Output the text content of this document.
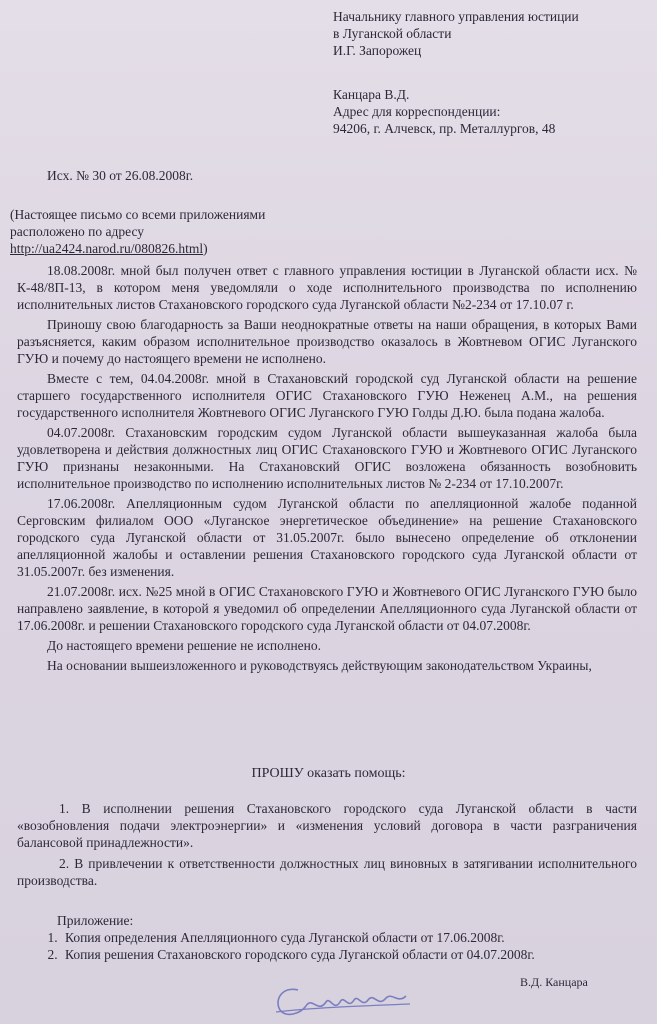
Начальнику главного управления юстиции
в Луганской области
И.Г. Запорожец
Канцара В.Д.
Адрес для корреспонденции:
94206, г. Алчевск, пр. Металлургов, 48
Исх. № 30 от 26.08.2008г.
(Настоящее письмо со всеми приложениями расположено по адресу http://ua2424.narod.ru/080826.html)

18.08.2008г. мной был получен ответ с главного управления юстиции в Луганской области исх. № К-48/8П-13, в котором меня уведомляли о ходе исполнительного производства по исполнению исполнительных листов Стахановского городского суда Луганской области №2-234 от 17.10.07 г.

Приношу свою благодарность за Ваши неоднократные ответы на наши обращения, в которых Вами разъясняется, каким образом исполнительное производство оказалось в Жовтневом ОГИС Луганского ГУЮ и почему до настоящего времени не исполнено.

Вместе с тем, 04.04.2008г. мной в Стахановский городской суд Луганской области на решение старшего государственного исполнителя ОГИС Стахановского ГУЮ Неженец А.М., на решения государственного исполнителя Жовтневого ОГИС Луганского ГУЮ Голды Д.Ю. была подана жалоба.

04.07.2008г. Стахановским городским судом Луганской области вышеуказанная жалоба была удовлетворена и действия должностных лиц ОГИС Стахановского ГУЮ и Жовтневого ОГИС Луганского ГУЮ признаны незаконными. На Стахановский ОГИС возложена обязанность возобновить исполнительное производство по исполнению исполнительных листов № 2-234 от 17.10.2007г.

17.06.2008г. Апелляционным судом Луганской области по апелляционной жалобе поданной Серговским филиалом ООО «Луганское энергетическое объединение» на решение Стахановского городского суда Луганской области от 31.05.2007г. было вынесено определение об отклонении апелляционной жалобы и оставлении решения Стахановского городского суда Луганской области от 31.05.2007г. без изменения.

21.07.2008г. исх. №25 мной в ОГИС Стахановского ГУЮ и Жовтневого ОГИС Луганского ГУЮ было направлено заявление, в которой я уведомил об определении Апелляционного суда Луганской области от 17.06.2008г. и решении Стахановского городского суда Луганской области от 04.07.2008г.

До настоящего времени решение не исполнено.

На основании вышеизложенного и руководствуясь действующим законодательством Украины,

ПРОШУ оказать помощь:

1. В исполнении решения Стахановского городского суда Луганской области в части «возобновления подачи электроэнергии» и «изменения условий договора в части разграничения балансовой принадлежности».

2. В привлечении к ответственности должностных лиц виновных в затягивании исполнительного производства.

Приложение:
1. Копия определения Апелляционного суда Луганской области от 17.06.2008г.
2. Копия решения Стахановского городского суда Луганской области от 04.07.2008г.
В.Д. Канцара
